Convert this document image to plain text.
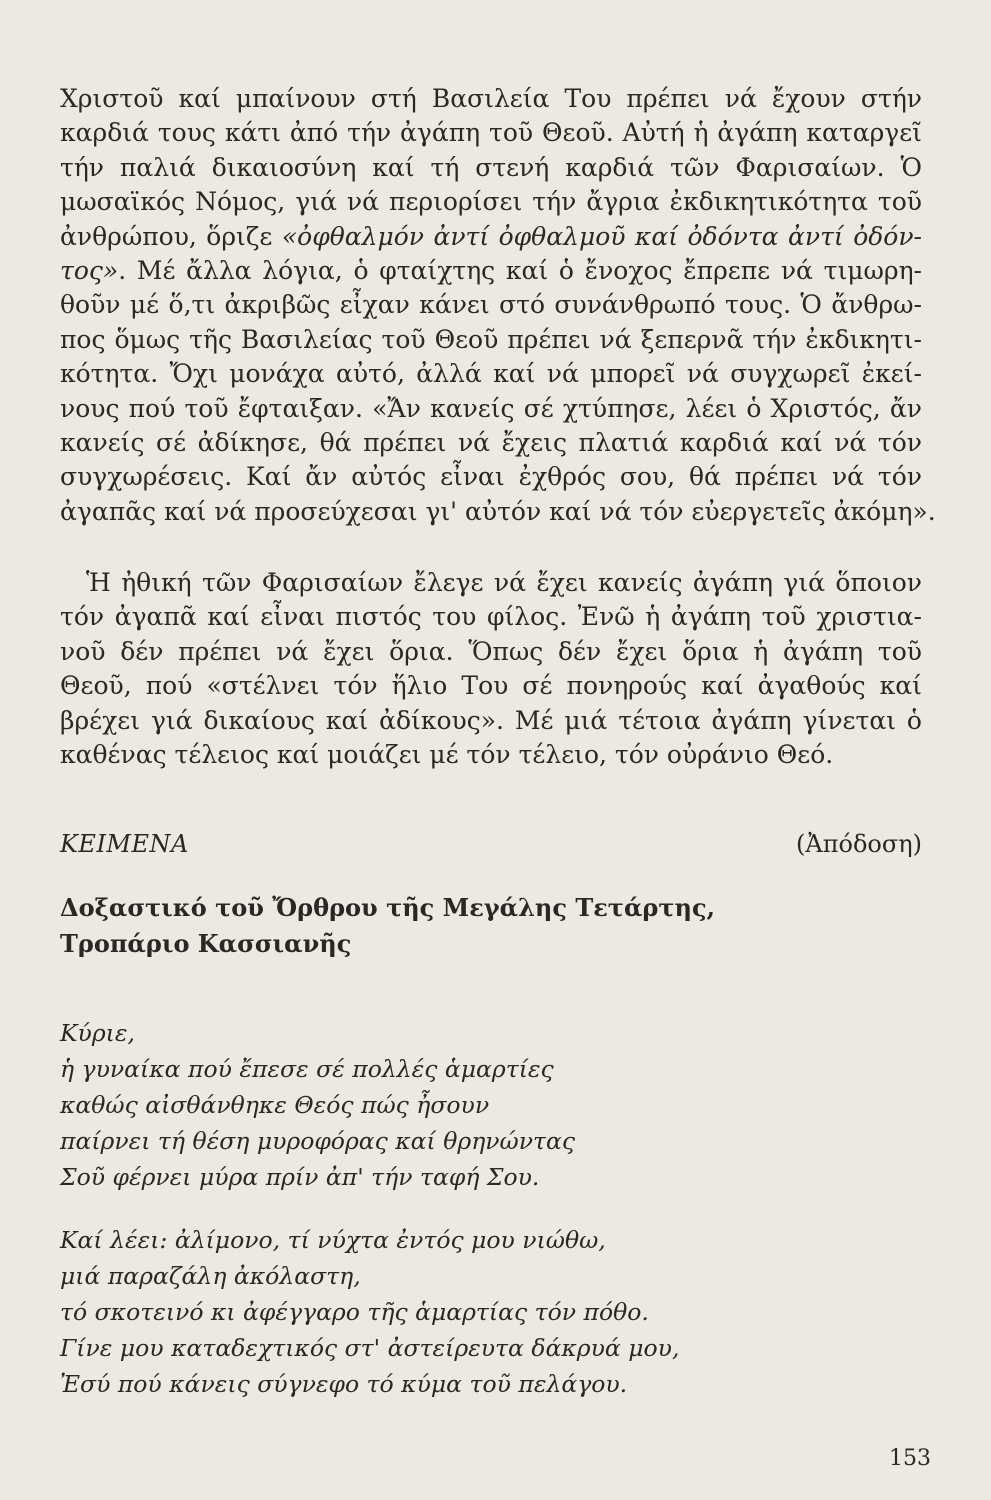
Χριστοῦ καί μπαίνουν στή Βασιλεία Του πρέπει νά ἔχουν στήν
καρδιά τους κάτι ἀπό τήν ἀγάπη τοῦ Θεοῦ. Αὐτή ἡ ἀγάπη καταργεῖ
τήν παλιά δικαιοσύνη καί τή στενή καρδιά τῶν Φαρισαίων. Ὁ
μωσαϊκός Νόμος, γιά νά περιορίσει τήν ἄγρια ἐκδικητικότητα τοῦ
ἀνθρώπου, ὅριζε «ὀφθαλμόν ἀντί ὀφθαλμοῦ καί ὀδόντα ἀντί ὀδόν-
τος». Μέ ἄλλα λόγια, ὁ φταίχτης καί ὁ ἔνοχος ἔπρεπε νά τιμωρη-
θοῦν μέ ὅ,τι ἀκριβῶς εἶχαν κάνει στό συνάνθρωπό τους. Ὁ ἄνθρω-
πος ὅμως τῆς Βασιλείας τοῦ Θεοῦ πρέπει νά ξεπερνᾶ τήν ἐκδικητι-
κότητα. Ὄχι μονάχα αὐτό, ἀλλά καί νά μπορεῖ νά συγχωρεῖ ἐκεί-
νους πού τοῦ ἔφταιξαν. «Ἄν κανείς σέ χτύπησε, λέει ὁ Χριστός, ἄν
κανείς σέ ἀδίκησε, θά πρέπει νά ἔχεις πλατιά καρδιά καί νά τόν
συγχωρέσεις. Καί ἄν αὐτός εἶναι ἐχθρός σου, θά πρέπει νά τόν
ἀγαπᾶς καί νά προσεύχεσαι γι' αὐτόν καί νά τόν εὐεργετεῖς ἀκόμη».
Ἡ ἠθική τῶν Φαρισαίων ἔλεγε νά ἔχει κανείς ἀγάπη γιά ὅποιον
τόν ἀγαπᾶ καί εἶναι πιστός του φίλος. Ἐνῶ ἡ ἀγάπη τοῦ χριστια-
νοῦ δέν πρέπει νά ἔχει ὅρια. Ὅπως δέν ἔχει ὅρια ἡ ἀγάπη τοῦ
Θεοῦ, πού «στέλνει τόν ἥλιο Του σέ πονηρούς καί ἀγαθούς καί
βρέχει γιά δικαίους καί ἀδίκους». Μέ μιά τέτοια ἀγάπη γίνεται ὁ
καθένας τέλειος καί μοιάζει μέ τόν τέλειο, τόν οὐράνιο Θεό.
ΚΕΙΜΕΝΑ	(Ἀπόδοση)
Δοξαστικό τοῦ Ὄρθρου τῆς Μεγάλης Τετάρτης,
Τροπάριο Κασσιανῆς
Κύριε,
ἡ γυναίκα πού ἔπεσε σέ πολλές ἁμαρτίες
καθώς αἰσθάνθηκε Θεός πώς ἦσουν
παίρνει τή θέση μυροφόρας καί θρηνώντας
Σοῦ φέρνει μύρα πρίν ἀπ' τήν ταφή Σου.
Καί λέει: ἀλίμονο, τί νύχτα ἐντός μου νιώθω,
μιά παραζάλη ἀκόλαστη,
τό σκοτεινό κι ἀφέγγαρο τῆς ἁμαρτίας τόν πόθο.
Γίνε μου καταδεχτικός στ' ἀστείρευτα δάκρυά μου,
Ἐσύ πού κάνεις σύγνεφο τό κύμα τοῦ πελάγου.
153
